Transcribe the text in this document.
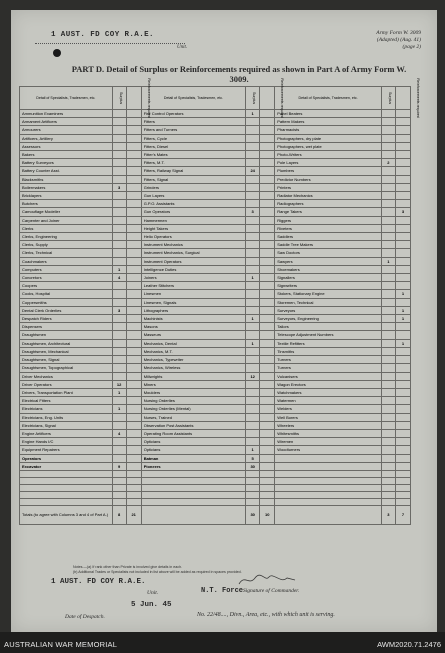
1 AUST. FD COY R.A.E.
Unit.
Army Form W. 3009
(Adapted) (Aug. 41)
(page 2)
PART D. Detail of Surplus or Reinforcements required as shown in Part A of Army Form W. 3009.
Notes.—(a) If rank other than Private is involved give details in each.
(b) Additional Trades or Specialists not included in list above will be added as required in spaces provided.
1 AUST. FD COY R.A.E.
N.T. Force Signature of Commander.
Unit.
5 Jun. 45
Date of Despatch.	No. 22/48...., Divn., Area, etc., with which unit is serving.
Detail of Specialists, Tradesmen, etc.	Surplus	Reinforcements required	Detail of Specialists, Tradesmen, etc.	Surplus	Reinforcements required	Detail of Specialists, Tradesmen, etc.	Surplus	Reinforcements required
Ammunition Examiners			Fire Control Operators	1		Panel Beaters		
Armament Artificers			Fitters			Pattern Makers		
Armourers			Fitters and Turners			Pharmacists		
Artificers, Artillery			Fitters, Cycle			Photographers, dry plate		
Assessors			Fitters, Diesel			Photographers, wet plate		
Bakers			Fitter's Mates			Photo-Writers		
Battery Surveyors			Fitters, M.T.			Pole Layers	2	
Battery Counter Asst.			Fitters, Railway Signal	24		Plumbers		
Blacksmiths			Fitters, Signal			Predictor Numbers		
Boilermakers	3		Grinders			Printers		
Bricklayers			Gun Layers			Radiator Mechanics		
Butchers			G.P.O. Assistants			Radiographers		
Camouflage Modeller			Gun Operators	3		Range Takers		3
Carpenter and Joiner			Hammermen			Riggers		
Clerks			Height Takers			Riveters		
Clerks, Engineering			Helio Operators			Saddlers		
Clerks, Supply			Instrument Mechanics			Saddle Tree Makers		
Clerks, Technical			Instrument Mechanics, Surgical			Saw Doctors		
Coachmakers			Instrument Operators			Sawyers	1	
Computers	1		Intelligence Duties			Shoemakers		
Concretors	4		Joiners	1		Signallers		
Coopers			Leather Stitchers			Signwriters		
Cooks, Hospital			Linesmen			Stokers, Stationary Engine		1
Coppersmiths			Linesmen, Signals			Storemen, Technical		
Dental Clerk Orderlies	3		Lithographers			Surveyors		1
Despatch Riders			Machinists	1		Surveyors, Engineering		1
Dispensers			Masons			Tailors		
Draughtsmen			Masseurs			Telescope Adjustment Numbers		
Draughtsmen, Architectural			Mechanics, Dental	1		Textile Refitters		1
Draughtsmen, Mechanical			Mechanics, M.T.			Tinsmiths		
Draughtsmen, Signal			Mechanics, Typewriter			Turners		
Draughtsmen, Topographical			Mechanics, Wireless			Turners		
Driver Mechanics			Millwrights	12		Vulcanisers		
Driver Operators	12		Miners			Wagon Erectors		
Drivers, Transportation Plant	1		Moulders			Watchmakers		
Electrical Fitters			Nursing Orderlies			Watermen		
Electricians	1		Nursing Orderlies (Mental)			Welders		
Electricians, Eng. Units			Nurses, Trained			Well Borers		
Electricians, Signal			Observation Post Assistants			Wheelers		
Engine Artificers	4		Operating Room Assistants			Whitesmiths		
Engine Hands I/C			Opticians			Wiremen		
Equipment Repairers			Opticians	1		Woodturners		
Operators			Batman	5				
Excavator	9		Pioneers	30				

Totals (to agree with Columns 3 and 4 of Part A.)	8	21		30	10		3	7
AUSTRALIAN WAR MEMORIAL	AWM2020.71.2476
